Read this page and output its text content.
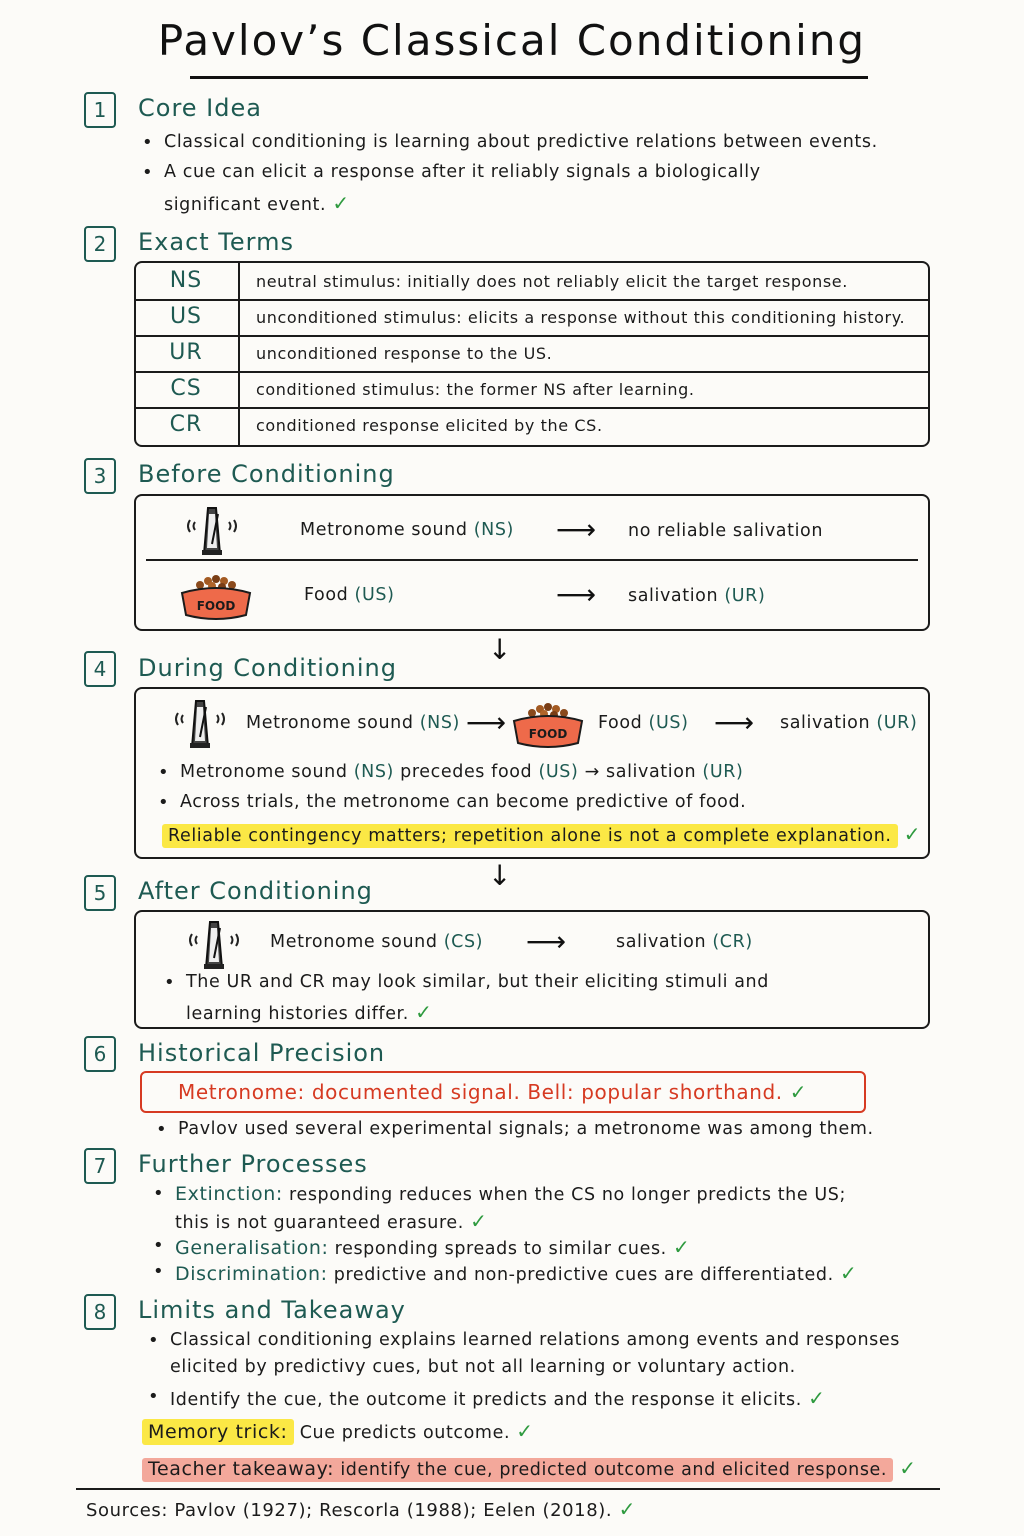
Pavlov’s Classical Conditioning
1	Core Idea
• Classical conditioning is learning about predictive relations between events.
• A cue can elicit a response after it reliably signals a biologically
significant event. ✓
2	Exact Terms
NS	neutral stimulus: initially does not reliably elicit the target response.
US	unconditioned stimulus: elicits a response without this conditioning history.
UR	unconditioned response to the US.
CS	conditioned stimulus: the former NS after learning.
CR	conditioned response elicited by the CS.
3	Before Conditioning
Metronome sound (NS) ⟶ no reliable salivation
FOOD
Food (US)	⟶ salivation (UR)
↓
4	During Conditioning
Metronome sound (NS) ⟶ FOOD
Food (US) ⟶ salivation (UR)
• Metronome sound (NS) precedes food (US) → salivation (UR)
• Across trials, the metronome can become predictive of food.
Reliable contingency matters; repetition alone is not a complete explanation. ✓
↓
5	After Conditioning
Metronome sound (CS) ⟶	salivation (CR)
• The UR and CR may look similar, but their eliciting stimuli and
learning histories differ. ✓
6	Historical Precision
Metronome: documented signal. Bell: popular shorthand. ✓
• Pavlov used several experimental signals; a metronome was among them.
7	Further Processes
• Extinction: responding reduces when the CS no longer predicts the US;
this is not guaranteed erasure. ✓
• Generalisation: responding spreads to similar cues. ✓
• Discrimination: predictive and non-predictive cues are differentiated. ✓
8	Limits and Takeaway
• Classical conditioning explains learned relations among events and responses
elicited by predictivy cues, but not all learning or voluntary action.
• Identify the cue, the outcome it predicts and the response it elicits. ✓
Memory trick: Cue predicts outcome. ✓
Teacher takeaway: identify the cue, predicted outcome and elicited response. ✓
Sources: Pavlov (1927); Rescorla (1988); Eelen (2018). ✓
